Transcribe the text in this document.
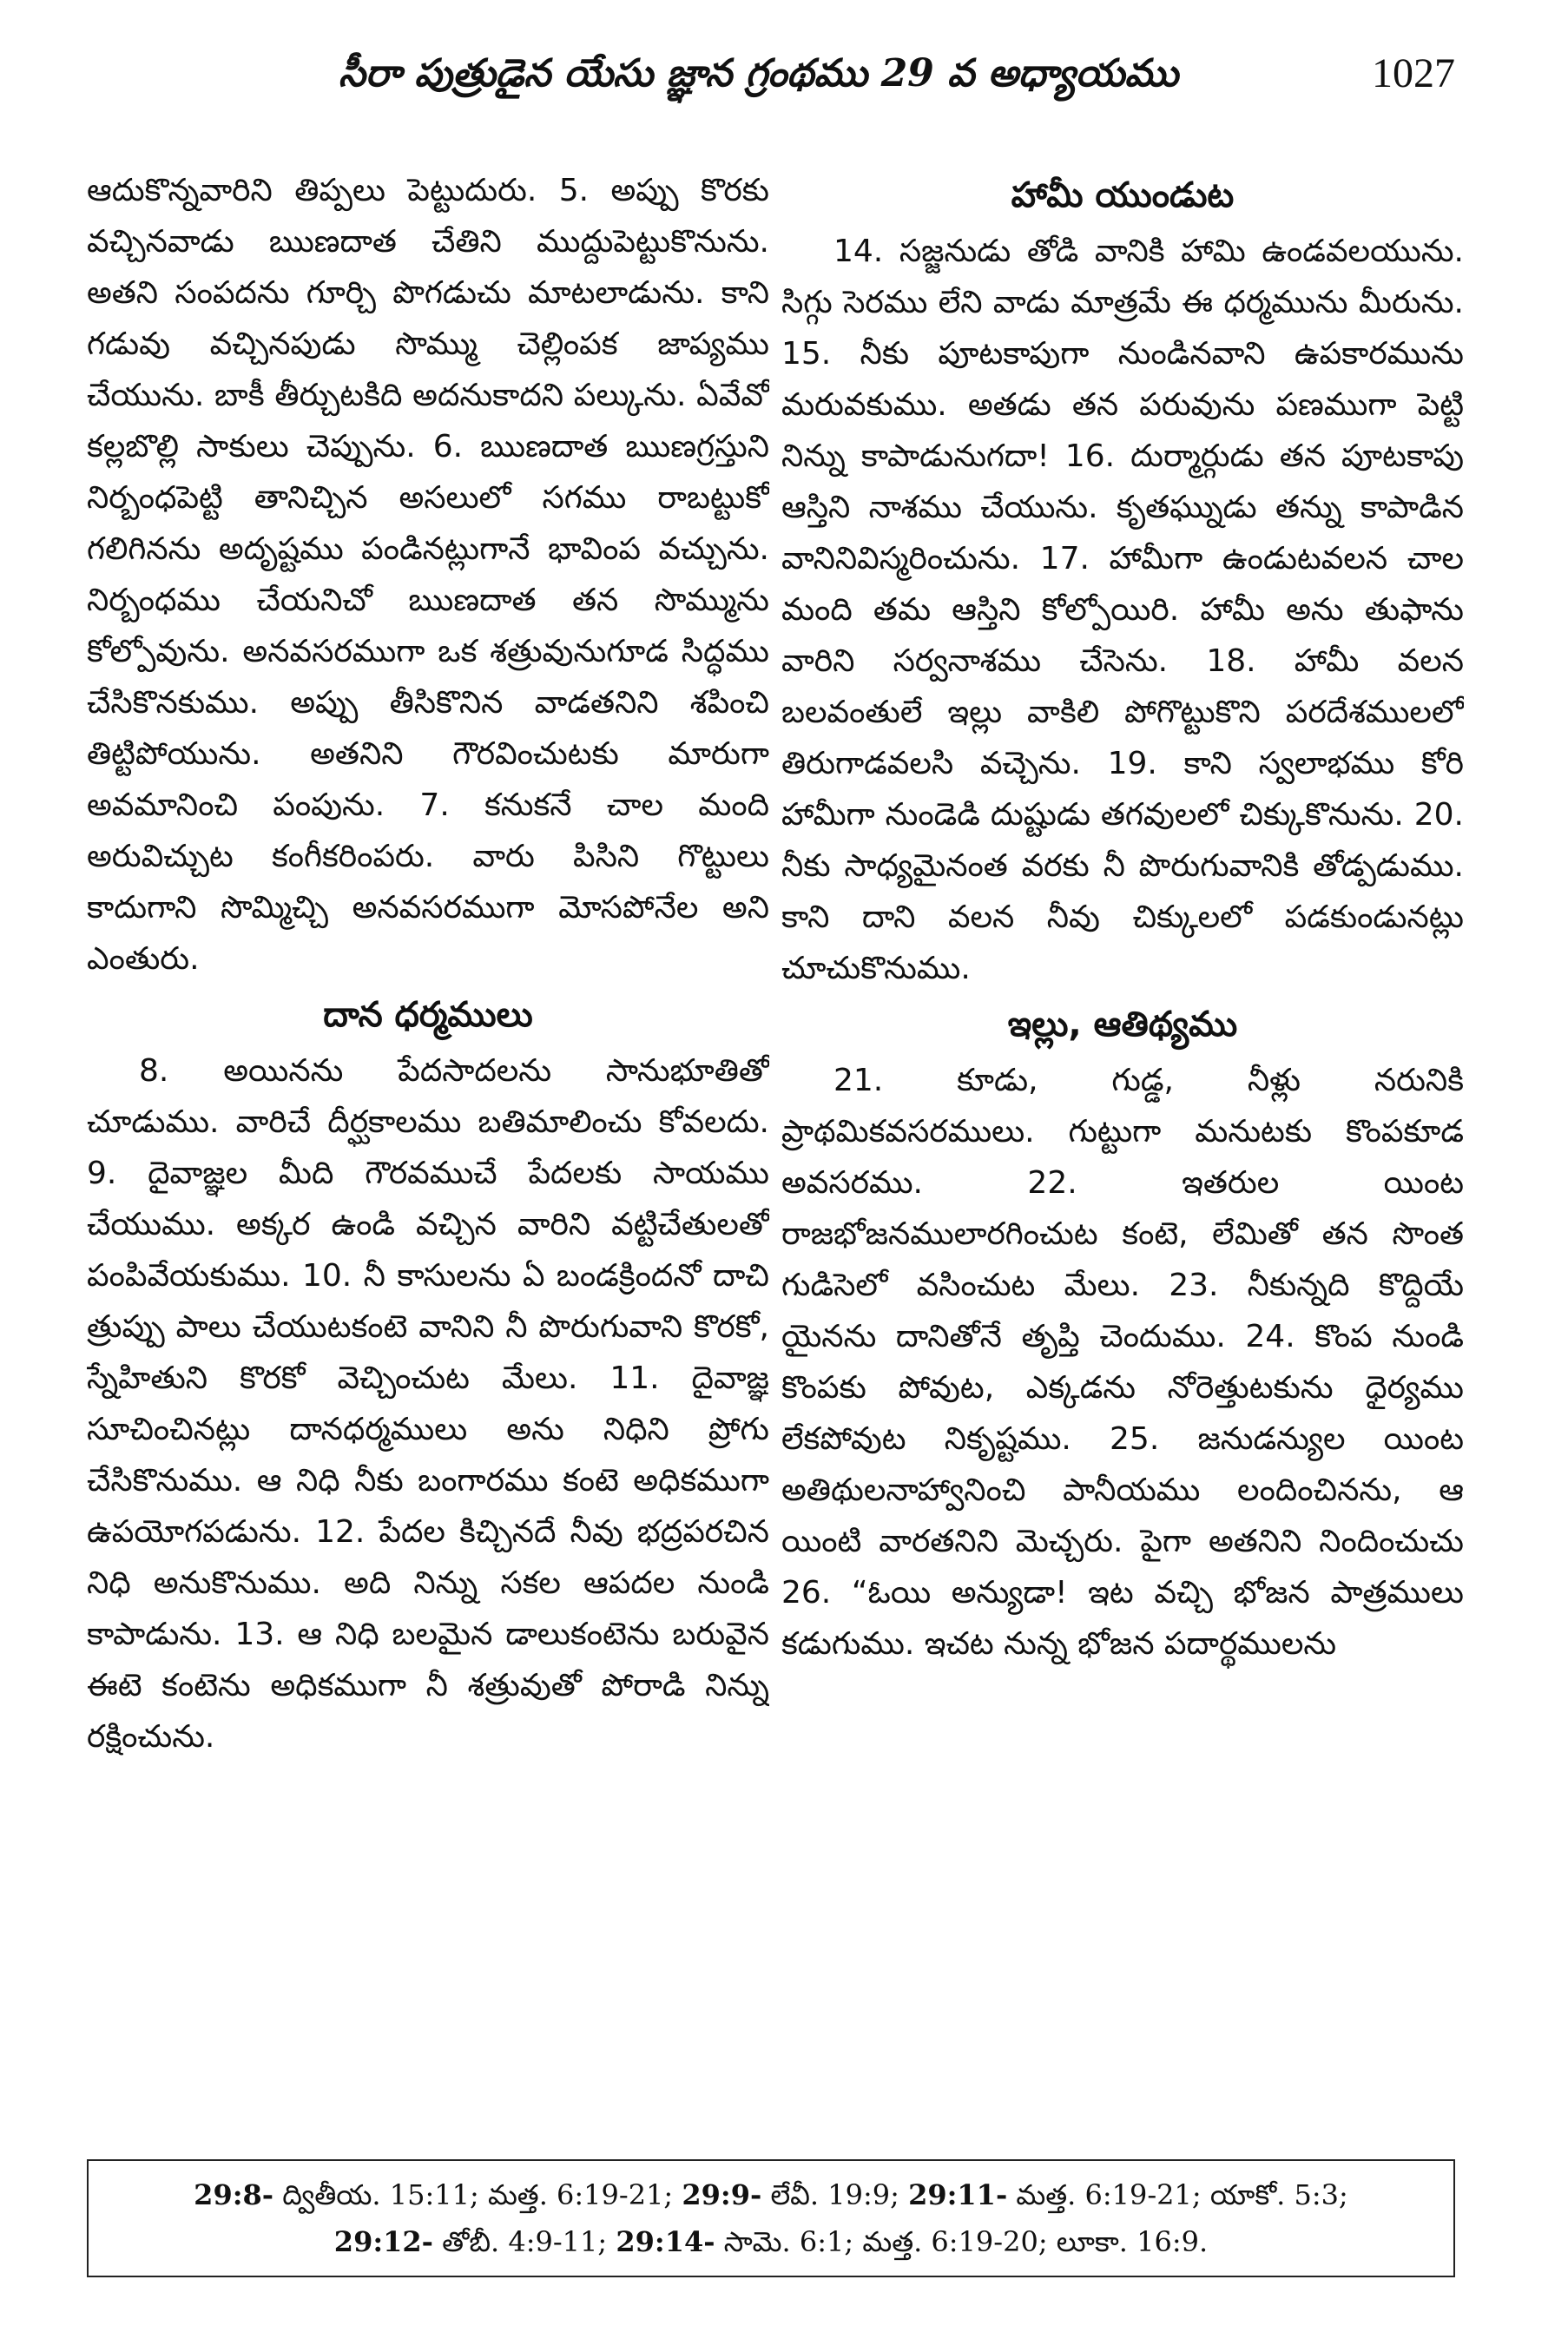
సీరా పుత్రుడైన యేసు జ్ఞాన గ్రంథము 29 వ అధ్యాయము	1027

ఆదుకొన్నవారిని తిప్పలు పెట్టుదురు. 5. అప్పు కొరకు వచ్చినవాడు ఋణదాత చేతిని ముద్దుపెట్టుకొనును. అతని సంపదను గూర్చి పొగడుచు మాటలాడును. కాని గడువు వచ్చినపుడు సొమ్ము చెల్లింపక జాప్యము చేయును. బాకీ తీర్చుటకిది అదనుకాదని పల్కును. ఏవేవో కల్లబొల్లి సాకులు చెప్పును. 6. ఋణదాత ఋణగ్రస్తుని నిర్బంధపెట్టి తానిచ్చిన అసలులో సగము రాబట్టుకో గలిగినను అదృష్టము పండినట్లుగానే భావింప వచ్చును. నిర్బంధము చేయనిచో ఋణదాత తన సొమ్మును కోల్పోవును. అనవసరముగా ఒక శత్రువునుగూడ సిద్ధము చేసికొనకుము. అప్పు తీసికొనిన వాడతనిని శపించి తిట్టిపోయును. అతనిని గౌరవించుటకు మారుగా అవమానించి పంపును. 7. కనుకనే చాల మంది అరువిచ్చుట కంగీకరింపరు. వారు పిసిని గొట్టులు కాదుగాని సొమ్మిచ్చి అనవసరముగా మోసపోనేల అని ఎంతురు.

దాన ధర్మములు

8. అయినను పేదసాదలను సానుభూతితో చూడుము. వారిచే దీర్ఘకాలము బతిమాలించు కోవలదు. 9. దైవాజ్ఞల మీది గౌరవముచే పేదలకు సాయము చేయుము. అక్కర ఉండి వచ్చిన వారిని వట్టిచేతులతో పంపివేయకుము. 10. నీ కాసులను ఏ బండక్రిందనో దాచి త్రుప్పు పాలు చేయుటకంటె వానిని నీ పొరుగువాని కొరకో, స్నేహితుని కొరకో వెచ్చించుట మేలు. 11. దైవాజ్ఞ సూచించినట్లు దానధర్మములు అను నిధిని ప్రోగు చేసికొనుము. ఆ నిధి నీకు బంగారము కంటె అధికముగా ఉపయోగపడును. 12. పేదల కిచ్చినదే నీవు భద్రపరచిన నిధి అనుకొనుము. అది నిన్ను సకల ఆపదల నుండి కాపాడును. 13. ఆ నిధి బలమైన డాలుకంటెను బరువైన ఈటె కంటెను అధికముగా నీ శత్రువుతో పోరాడి నిన్ను రక్షించును.

హామీ యుండుట

14. సజ్జనుడు తోడి వానికి హామి ఉండవలయును. సిగ్గు సెరము లేని వాడు మాత్రమే ఈ ధర్మమును మీరును. 15. నీకు పూటకాపుగా నుండినవాని ఉపకారమును మరువకుము. అతడు తన పరువును పణముగా పెట్టి నిన్ను కాపాడునుగదా! 16. దుర్మార్గుడు తన పూటకాపు ఆస్తిని నాశము చేయును. కృతఘ్నుడు తన్ను కాపాడిన వానినివిస్మరించును. 17. హామీగా ఉండుటవలన చాల మంది తమ ఆస్తిని కోల్పోయిరి. హామీ అను తుఫాను వారిని సర్వనాశము చేసెను. 18. హామీ వలన బలవంతులే ఇల్లు వాకిలి పోగొట్టుకొని పరదేశములలో తిరుగాడవలసి వచ్చెను. 19. కాని స్వలాభము కోరి హామీగా నుండెడి దుష్టుడు తగవులలో చిక్కుకొనును. 20. నీకు సాధ్యమైనంత వరకు నీ పొరుగువానికి తోడ్పడుము. కాని దాని వలన నీవు చిక్కులలో పడకుండునట్లు చూచుకొనుము.

ఇల్లు, ఆతిథ్యము

21. కూడు, గుడ్డ, నీళ్లు నరునికి ప్రాథమికవసరములు. గుట్టుగా మనుటకు కొంపకూడ అవసరము. 22. ఇతరుల యింట రాజభోజనములారగించుట కంటె, లేమితో తన సొంత గుడిసెలో వసించుట మేలు. 23. నీకున్నది కొద్దియే యైనను దానితోనే తృప్తి చెందుము. 24. కొంప నుండి కొంపకు పోవుట, ఎక్కడను నోరెత్తుటకును ధైర్యము లేకపోవుట నికృష్టము. 25. జనుడన్యుల యింట అతిథులనాహ్వానించి పానీయము లందించినను, ఆ యింటి వారతనిని మెచ్చరు. పైగా అతనిని నిందించుచు 26. “ఓయి అన్యుడా! ఇట వచ్చి భోజన పాత్రములు కడుగుము. ఇచట నున్న భోజన పదార్థములను

29:8- ద్వితీయ. 15:11; మత్త. 6:19-21; 29:9- లేవీ. 19:9; 29:11- మత్త. 6:19-21; యాకో. 5:3;
29:12- తోబీ. 4:9-11; 29:14- సామె. 6:1; మత్త. 6:19-20; లూకా. 16:9.
